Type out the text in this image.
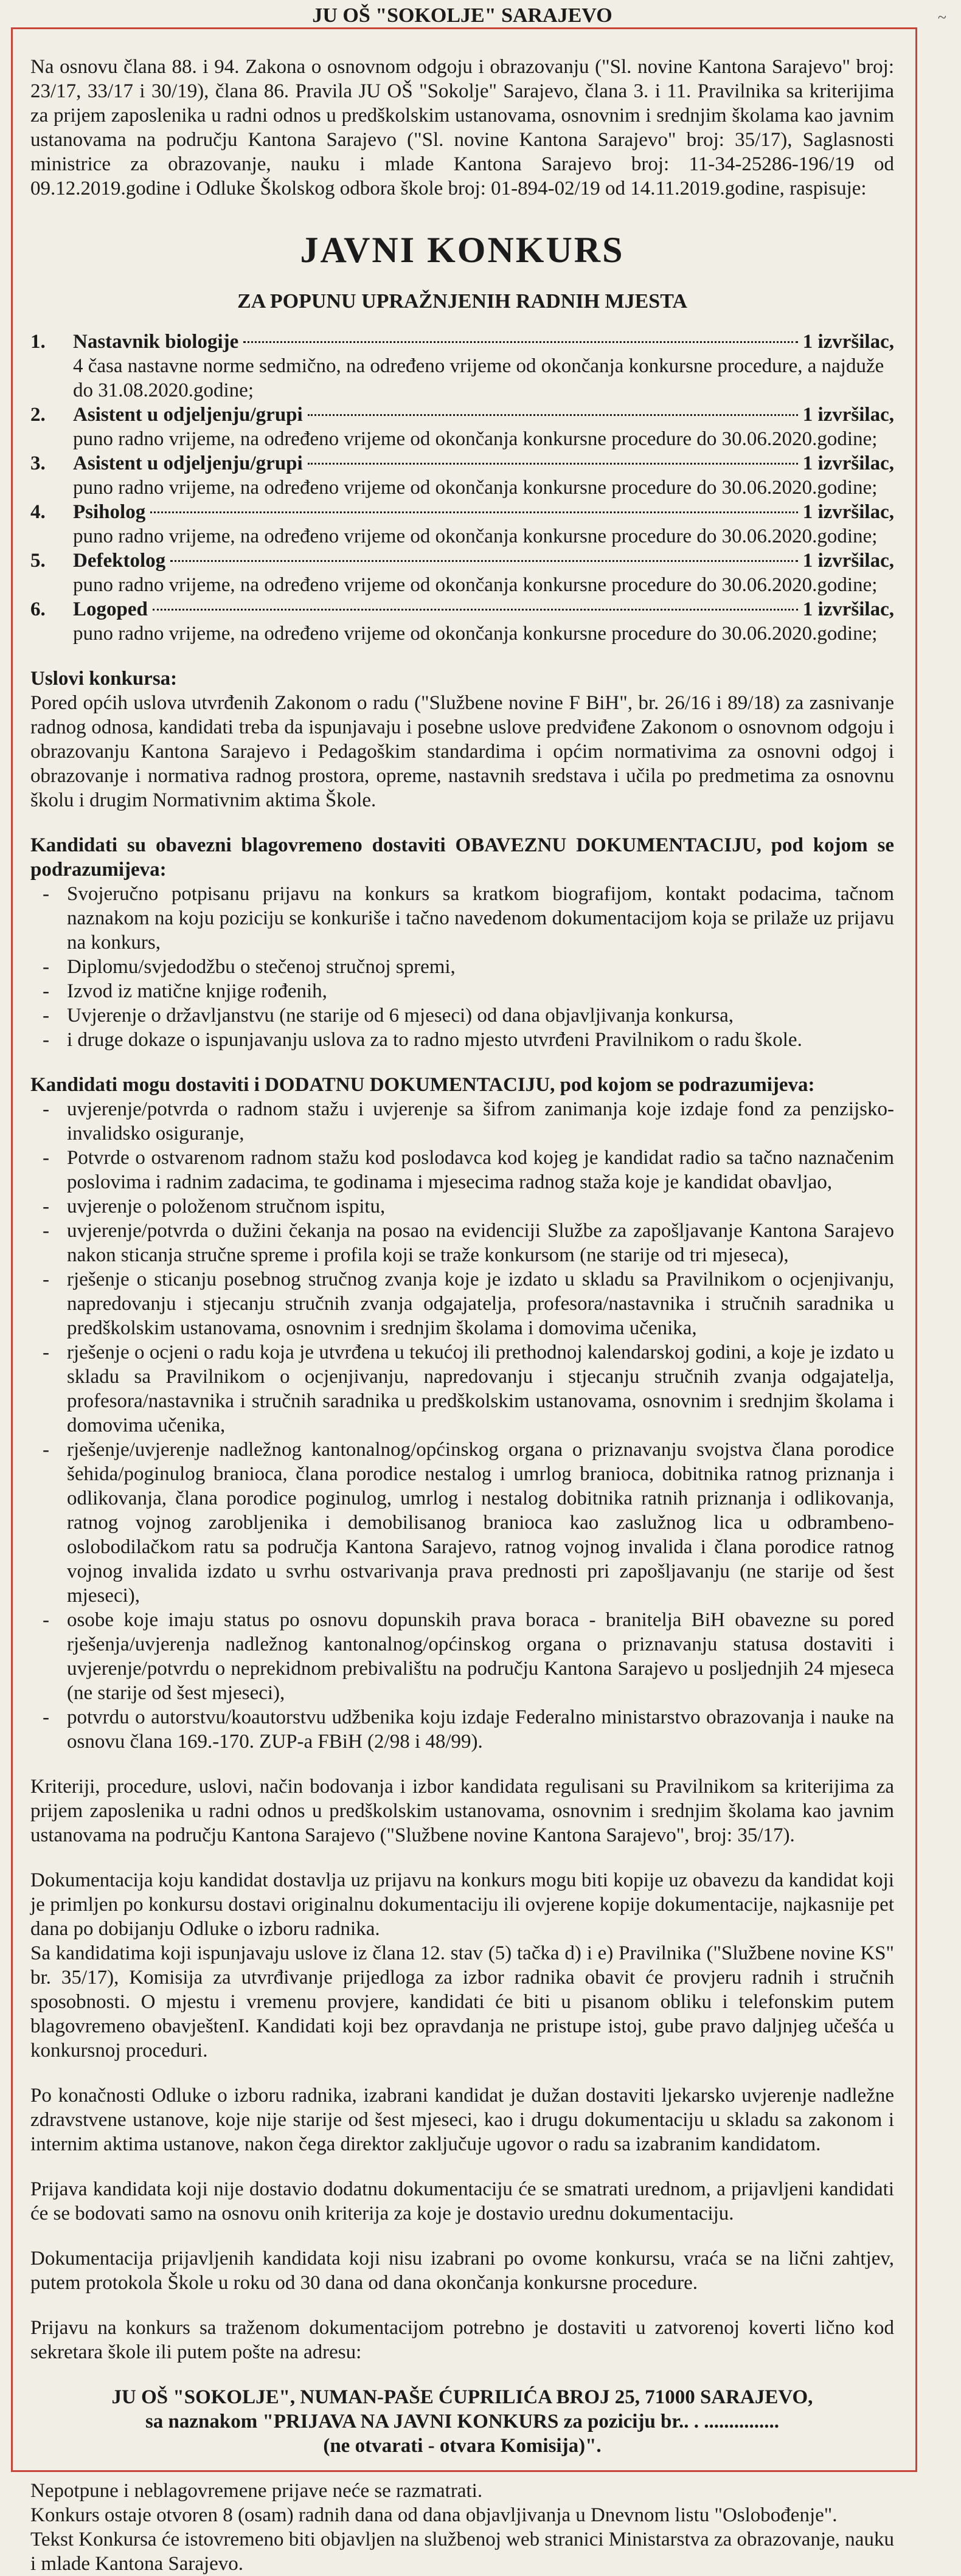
~
JU OŠ "SOKOLJE" SARAJEVO
Na osnovu člana 88. i 94. Zakona o osnovnom odgoju i obrazovanju ("Sl. novine Kantona Sarajevo" broj: 23/17, 33/17 i 30/19), člana 86. Pravila JU OŠ "Sokolje" Sarajevo, člana 3. i 11. Pravilnika sa kriterijima za prijem zaposlenika u radni odnos u predškolskim ustanovama, osnovnim i srednjim školama kao javnim ustanovama na području Kantona Sarajevo ("Sl. novine Kantona Sarajevo" broj: 35/17), Saglasnosti ministrice za obrazovanje, nauku i mlade Kantona Sarajevo broj: 11-34-25286-196/19 od 09.12.2019.godine i Odluke Školskog odbora škole broj: 01-894-02/19 od 14.11.2019.godine, raspisuje:
JAVNI KONKURS
ZA POPUNU UPRAŽNJENIH RADNIH MJESTA
1.	Nastavnik biologije	1 izvršilac,
4 časa nastavne norme sedmično, na određeno vrijeme od okončanja konkursne procedure, a najduže do 31.08.2020.godine;
2.	Asistent u odjeljenju/grupi	1 izvršilac,
puno radno vrijeme, na određeno vrijeme od okončanja konkursne procedure do 30.06.2020.godine;
3.	Asistent u odjeljenju/grupi	1 izvršilac,
puno radno vrijeme, na određeno vrijeme od okončanja konkursne procedure do 30.06.2020.godine;
4.	Psiholog	1 izvršilac,
puno radno vrijeme, na određeno vrijeme od okončanja konkursne procedure do 30.06.2020.godine;
5.	Defektolog	1 izvršilac,
puno radno vrijeme, na određeno vrijeme od okončanja konkursne procedure do 30.06.2020.godine;
6.	Logoped	1 izvršilac,
puno radno vrijeme, na određeno vrijeme od okončanja konkursne procedure do 30.06.2020.godine;
Uslovi konkursa:
Pored općih uslova utvrđenih Zakonom o radu ("Službene novine F BiH", br. 26/16 i 89/18) za zasnivanje radnog odnosa, kandidati treba da ispunjavaju i posebne uslove predviđene Zakonom o osnovnom odgoju i obrazovanju Kantona Sarajevo i Pedagoškim standardima i općim normativima za osnovni odgoj i obrazovanje i normativa radnog prostora, opreme, nastavnih sredstava i učila po predmetima za osnovnu školu i drugim Normativnim aktima Škole.
Kandidati su obavezni blagovremeno dostaviti OBAVEZNU DOKUMENTACIJU, pod kojom se podrazumijeva:
- Svojeručno potpisanu prijavu na konkurs sa kratkom biografijom, kontakt podacima, tačnom naznakom na koju poziciju se konkuriše i tačno navedenom dokumentacijom koja se prilaže uz prijavu na konkurs,
- Diplomu/svjedodžbu o stečenoj stručnoj spremi,
- Izvod iz matične knjige rođenih,
- Uvjerenje o državljanstvu (ne starije od 6 mjeseci) od dana objavljivanja konkursa,
- i druge dokaze o ispunjavanju uslova za to radno mjesto utvrđeni Pravilnikom o radu škole.
Kandidati mogu dostaviti i DODATNU DOKUMENTACIJU, pod kojom se podrazumijeva:
- uvjerenje/potvrda o radnom stažu i uvjerenje sa šifrom zanimanja koje izdaje fond za penzijsko-invalidsko osiguranje,
- Potvrde o ostvarenom radnom stažu kod poslodavca kod kojeg je kandidat radio sa tačno naznačenim poslovima i radnim zadacima, te godinama i mjesecima radnog staža koje je kandidat obavljao,
- uvjerenje o položenom stručnom ispitu,
- uvjerenje/potvrda o dužini čekanja na posao na evidenciji Službe za zapošljavanje Kantona Sarajevo nakon sticanja stručne spreme i profila koji se traže konkursom (ne starije od tri mjeseca),
- rješenje o sticanju posebnog stručnog zvanja koje je izdato u skladu sa Pravilnikom o ocjenjivanju, napredovanju i stjecanju stručnih zvanja odgajatelja, profesora/nastavnika i stručnih saradnika u predškolskim ustanovama, osnovnim i srednjim školama i domovima učenika,
- rješenje o ocjeni o radu koja je utvrđena u tekućoj ili prethodnoj kalendarskoj godini, a koje je izdato u skladu sa Pravilnikom o ocjenjivanju, napredovanju i stjecanju stručnih zvanja odgajatelja, profesora/nastavnika i stručnih saradnika u predškolskim ustanovama, osnovnim i srednjim školama i domovima učenika,
- rješenje/uvjerenje nadležnog kantonalnog/općinskog organa o priznavanju svojstva člana porodice šehida/poginulog branioca, člana porodice nestalog i umrlog branioca, dobitnika ratnog priznanja i odlikovanja, člana porodice poginulog, umrlog i nestalog dobitnika ratnih priznanja i odlikovanja, ratnog vojnog zarobljenika i demobilisanog branioca kao zaslužnog lica u odbrambeno-oslobodilačkom ratu sa područja Kantona Sarajevo, ratnog vojnog invalida i člana porodice ratnog vojnog invalida izdato u svrhu ostvarivanja prava prednosti pri zapošljavanju (ne starije od šest mjeseci),
- osobe koje imaju status po osnovu dopunskih prava boraca - branitelja BiH obavezne su pored rješenja/uvjerenja nadležnog kantonalnog/općinskog organa o priznavanju statusa dostaviti i uvjerenje/potvrdu o neprekidnom prebivalištu na području Kantona Sarajevo u posljednjih 24 mjeseca (ne starije od šest mjeseci),
- potvrdu o autorstvu/koautorstvu udžbenika koju izdaje Federalno ministarstvo obrazovanja i nauke na osnovu člana 169.-170. ZUP-a FBiH (2/98 i 48/99).
Kriteriji, procedure, uslovi, način bodovanja i izbor kandidata regulisani su Pravilnikom sa kriterijima za prijem zaposlenika u radni odnos u predškolskim ustanovama, osnovnim i srednjim školama kao javnim ustanovama na području Kantona Sarajevo ("Službene novine Kantona Sarajevo", broj: 35/17).
Dokumentacija koju kandidat dostavlja uz prijavu na konkurs mogu biti kopije uz obavezu da kandidat koji je primljen po konkursu dostavi originalnu dokumentaciju ili ovjerene kopije dokumentacije, najkasnije pet dana po dobijanju Odluke o izboru radnika.
Sa kandidatima koji ispunjavaju uslove iz člana 12. stav (5) tačka d) i e) Pravilnika ("Službene novine KS" br. 35/17), Komisija za utvrđivanje prijedloga za izbor radnika obavit će provjeru radnih i stručnih sposobnosti. O mjestu i vremenu provjere, kandidati će biti u pisanom obliku i telefonskim putem blagovremeno obavještenI. Kandidati koji bez opravdanja ne pristupe istoj, gube pravo daljnjeg učešća u konkursnoj proceduri.
Po konačnosti Odluke o izboru radnika, izabrani kandidat je dužan dostaviti ljekarsko uvjerenje nadležne zdravstvene ustanove, koje nije starije od šest mjeseci, kao i drugu dokumentaciju u skladu sa zakonom i internim aktima ustanove, nakon čega direktor zaključuje ugovor o radu sa izabranim kandidatom.
Prijava kandidata koji nije dostavio dodatnu dokumentaciju će se smatrati urednom, a prijavljeni kandidati će se bodovati samo na osnovu onih kriterija za koje je dostavio urednu dokumentaciju.
Dokumentacija prijavljenih kandidata koji nisu izabrani po ovome konkursu, vraća se na lični zahtjev, putem protokola Škole u roku od 30 dana od dana okončanja konkursne procedure.
Prijavu na konkurs sa traženom dokumentacijom potrebno je dostaviti u zatvorenoj koverti lično kod sekretara škole ili putem pošte na adresu:
JU OŠ "SOKOLJE", NUMAN-PAŠE ĆUPRILIĆA BROJ 25, 71000 SARAJEVO,
sa naznakom "PRIJAVA NA JAVNI KONKURS za poziciju br.. . ...............
(ne otvarati - otvara Komisija)".
Nepotpune i neblagovremene prijave neće se razmatrati.
Konkurs ostaje otvoren 8 (osam) radnih dana od dana objavljivanja u Dnevnom listu "Oslobođenje".
Tekst Konkursa će istovremeno biti objavljen na službenoj web stranici Ministarstva za obrazovanje, nauku i mlade Kantona Sarajevo.
